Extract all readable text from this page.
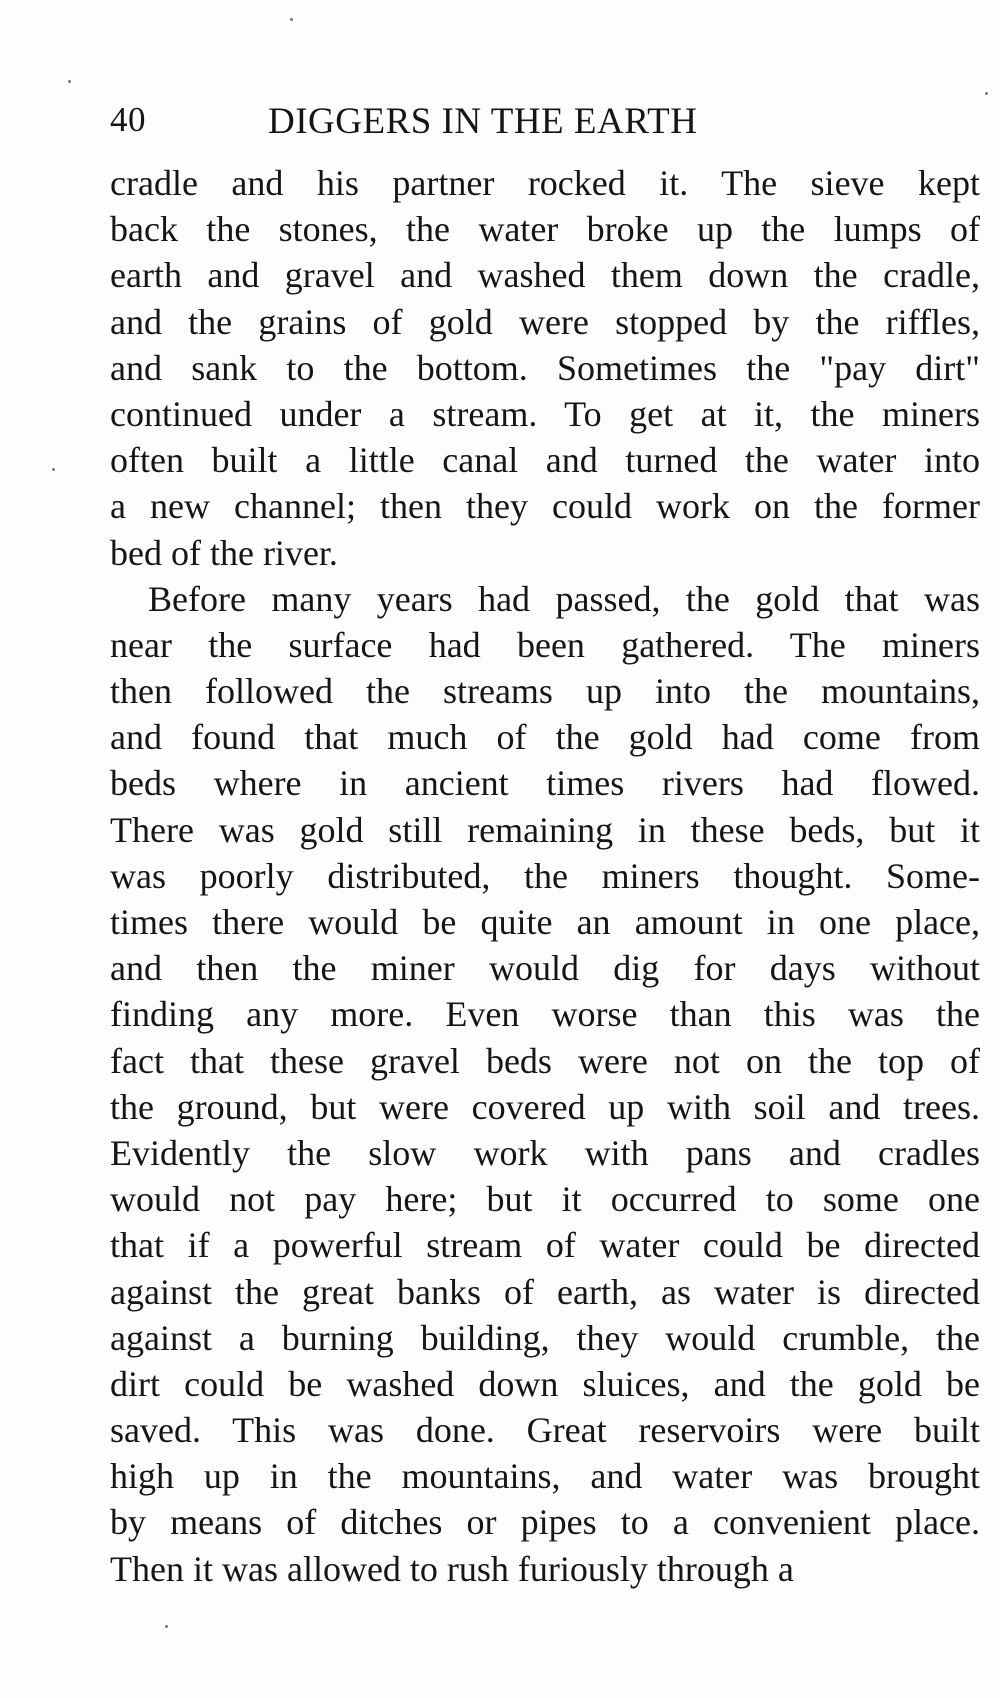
40	DIGGERS IN THE EARTH
cradle and his partner rocked it. The sieve kept
back the stones, the water broke up the lumps of
earth and gravel and washed them down the cradle,
and the grains of gold were stopped by the riffles,
and sank to the bottom. Sometimes the "pay dirt"
continued under a stream. To get at it, the miners
often built a little canal and turned the water into
a new channel; then they could work on the former
bed of the river.
Before many years had passed, the gold that was
near the surface had been gathered. The miners
then followed the streams up into the mountains,
and found that much of the gold had come from
beds where in ancient times rivers had flowed.
There was gold still remaining in these beds, but it
was poorly distributed, the miners thought. Some-
times there would be quite an amount in one place,
and then the miner would dig for days without
finding any more. Even worse than this was the
fact that these gravel beds were not on the top of
the ground, but were covered up with soil and trees.
Evidently the slow work with pans and cradles
would not pay here; but it occurred to some one
that if a powerful stream of water could be directed
against the great banks of earth, as water is directed
against a burning building, they would crumble, the
dirt could be washed down sluices, and the gold be
saved. This was done. Great reservoirs were built
high up in the mountains, and water was brought
by means of ditches or pipes to a convenient place.
Then it was allowed to rush furiously through a
